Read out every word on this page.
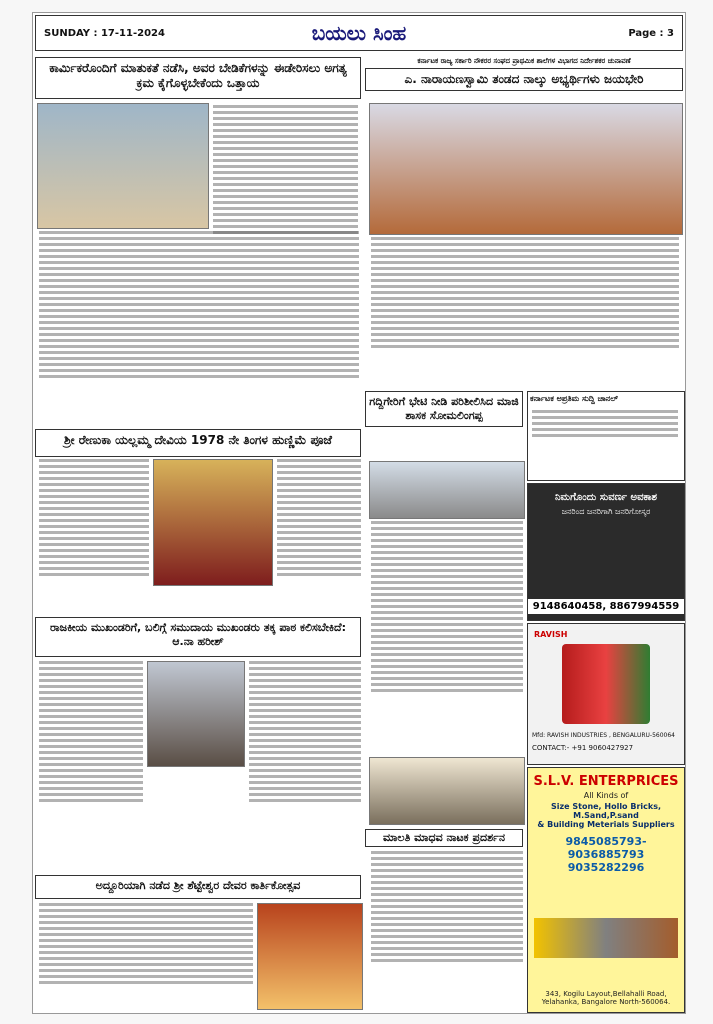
SUNDAY : 17-11-2024	ಬಯಲು ಸಿಂಹ	Page : 3
ಕಾರ್ಮಿಕರೊಂದಿಗೆ ಮಾತುಕತೆ ನಡೆಸಿ, ಅವರ ಬೇಡಿಕೆಗಳನ್ನು ಈಡೇರಿಸಲು ಅಗತ್ಯ ಕ್ರಮ ಕೈಗೊಳ್ಳಬೇಕೆಂದು ಒತ್ತಾಯ
ಕರ್ನಾಟಕ ರಾಜ್ಯ ಸರ್ಕಾರಿ ನೌಕರರ ಸಂಘದ ಪ್ರಾಥಮಿಕ ಶಾಲೆಗಳ ವಿಭಾಗದ ನಿರ್ದೇಶಕರ ಚುನಾವಣೆ
ಎ. ನಾರಾಯಣಸ್ವಾಮಿ ತಂಡದ ನಾಲ್ಕು ಅಭ್ಯರ್ಥಿಗಳು ಜಯಭೇರಿ
ಶ್ರೀ ರೇಣುಕಾ ಯಲ್ಲಮ್ಮ ದೇವಿಯ 1978 ನೇ ತಿಂಗಳ ಹುಣ್ಣಿಮೆ ಪೂಜೆ
ಗದ್ದಿಗೇರಿಗೆ ಭೇಟಿ ನೀಡಿ ಪರಿಶೀಲಿಸಿದ ಮಾಜಿ ಶಾಸಕ ಸೋಮಲಿಂಗಪ್ಪ
ಮಾಲತಿ ಮಾಧವ ನಾಟಕ ಪ್ರದರ್ಶನ
ರಾಜಕೀಯ ಮುಖಂಡರಿಗೆ, ಬಲಿಗ್ಗೆ ಸಮುದಾಯ ಮುಖಂಡರು ತಕ್ಕ ಪಾಠ ಕಲಿಸಬೇಕಿದೆ: ಆ.ನಾ ಹರೀಶ್
ಅದ್ದೂರಿಯಾಗಿ ನಡೆದ ಶ್ರೀ ಶೆಟ್ಟೇಶ್ವರ ದೇವರ ಕಾರ್ತಿಕೋತ್ಸವ
ಕರ್ನಾಟಕ ಅಪ್ರತಿಮ ಸುದ್ದಿ ಚಾನಲ್
ನಿಮಗೊಂದು ಸುವರ್ಣ ಅವಕಾಶ
ಜನರಿಂದ ಜನರಿಗಾಗಿ ಜನರಿಗೋಸ್ಕರ
9148640458, 8867994559
RAVISH
Mfd: RAVISH INDUSTRIES , BENGALURU-560064
CONTACT:- +91 9060427927
S.L.V. ENTERPRICES
All Kinds of
Size Stone, Hollo Bricks, M.Sand,P.sand
& Building Meterials Suppliers
9845085793-9036885793
9035282296
343, Kogilu Layout,Bellahalli Road, Yelahanka, Bangalore North-560064.
